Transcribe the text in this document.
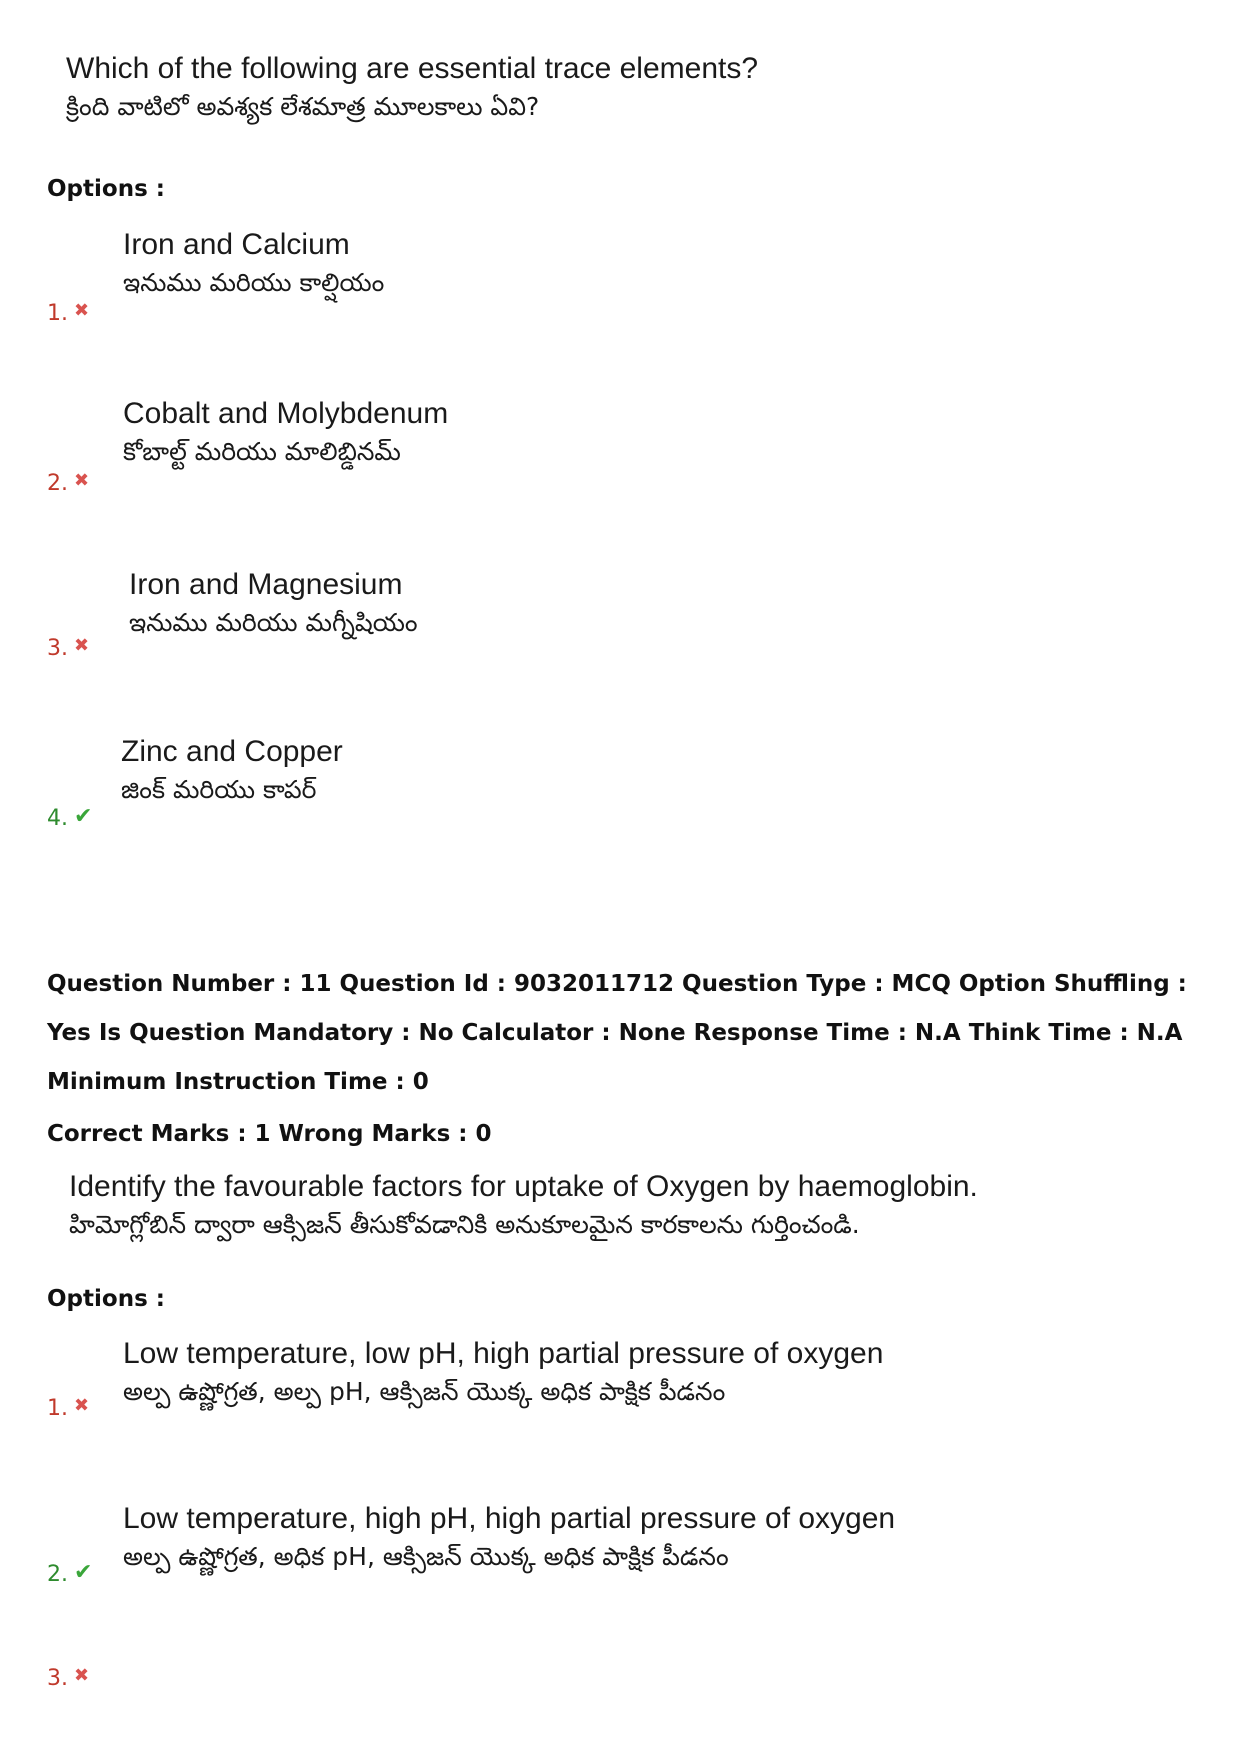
Which of the following are essential trace elements?
క్రింది వాటిలో అవశ్యక లేశమాత్ర మూలకాలు ఏవి?
Options :
Iron and Calcium
ఇనుము మరియు కాల్షియం
1. ✖
Cobalt and Molybdenum
కోబాల్ట్ మరియు మాలిబ్డినమ్
2. ✖
Iron and Magnesium
ఇనుము మరియు మగ్నీషియం
3. ✖
Zinc and Copper
జింక్ మరియు కాపర్
4. ✔
Question Number : 11 Question Id : 9032011712 Question Type : MCQ Option Shuffling : Yes Is Question Mandatory : No Calculator : None Response Time : N.A Think Time : N.A Minimum Instruction Time : 0
Correct Marks : 1 Wrong Marks : 0
Identify the favourable factors for uptake of Oxygen by haemoglobin.
హిమోగ్లోబిన్ ద్వారా ఆక్సిజన్ తీసుకోవడానికి అనుకూలమైన కారకాలను గుర్తించండి.
Options :
Low temperature, low pH, high partial pressure of oxygen
అల్ప ఉష్ణోగ్రత, అల్ప pH, ఆక్సిజన్ యొక్క అధిక పాక్షిక పీడనం
1. ✖
Low temperature, high pH, high partial pressure of oxygen
అల్ప ఉష్ణోగ్రత, అధిక pH, ఆక్సిజన్ యొక్క అధిక పాక్షిక పీడనం
2. ✔
3. ✖
